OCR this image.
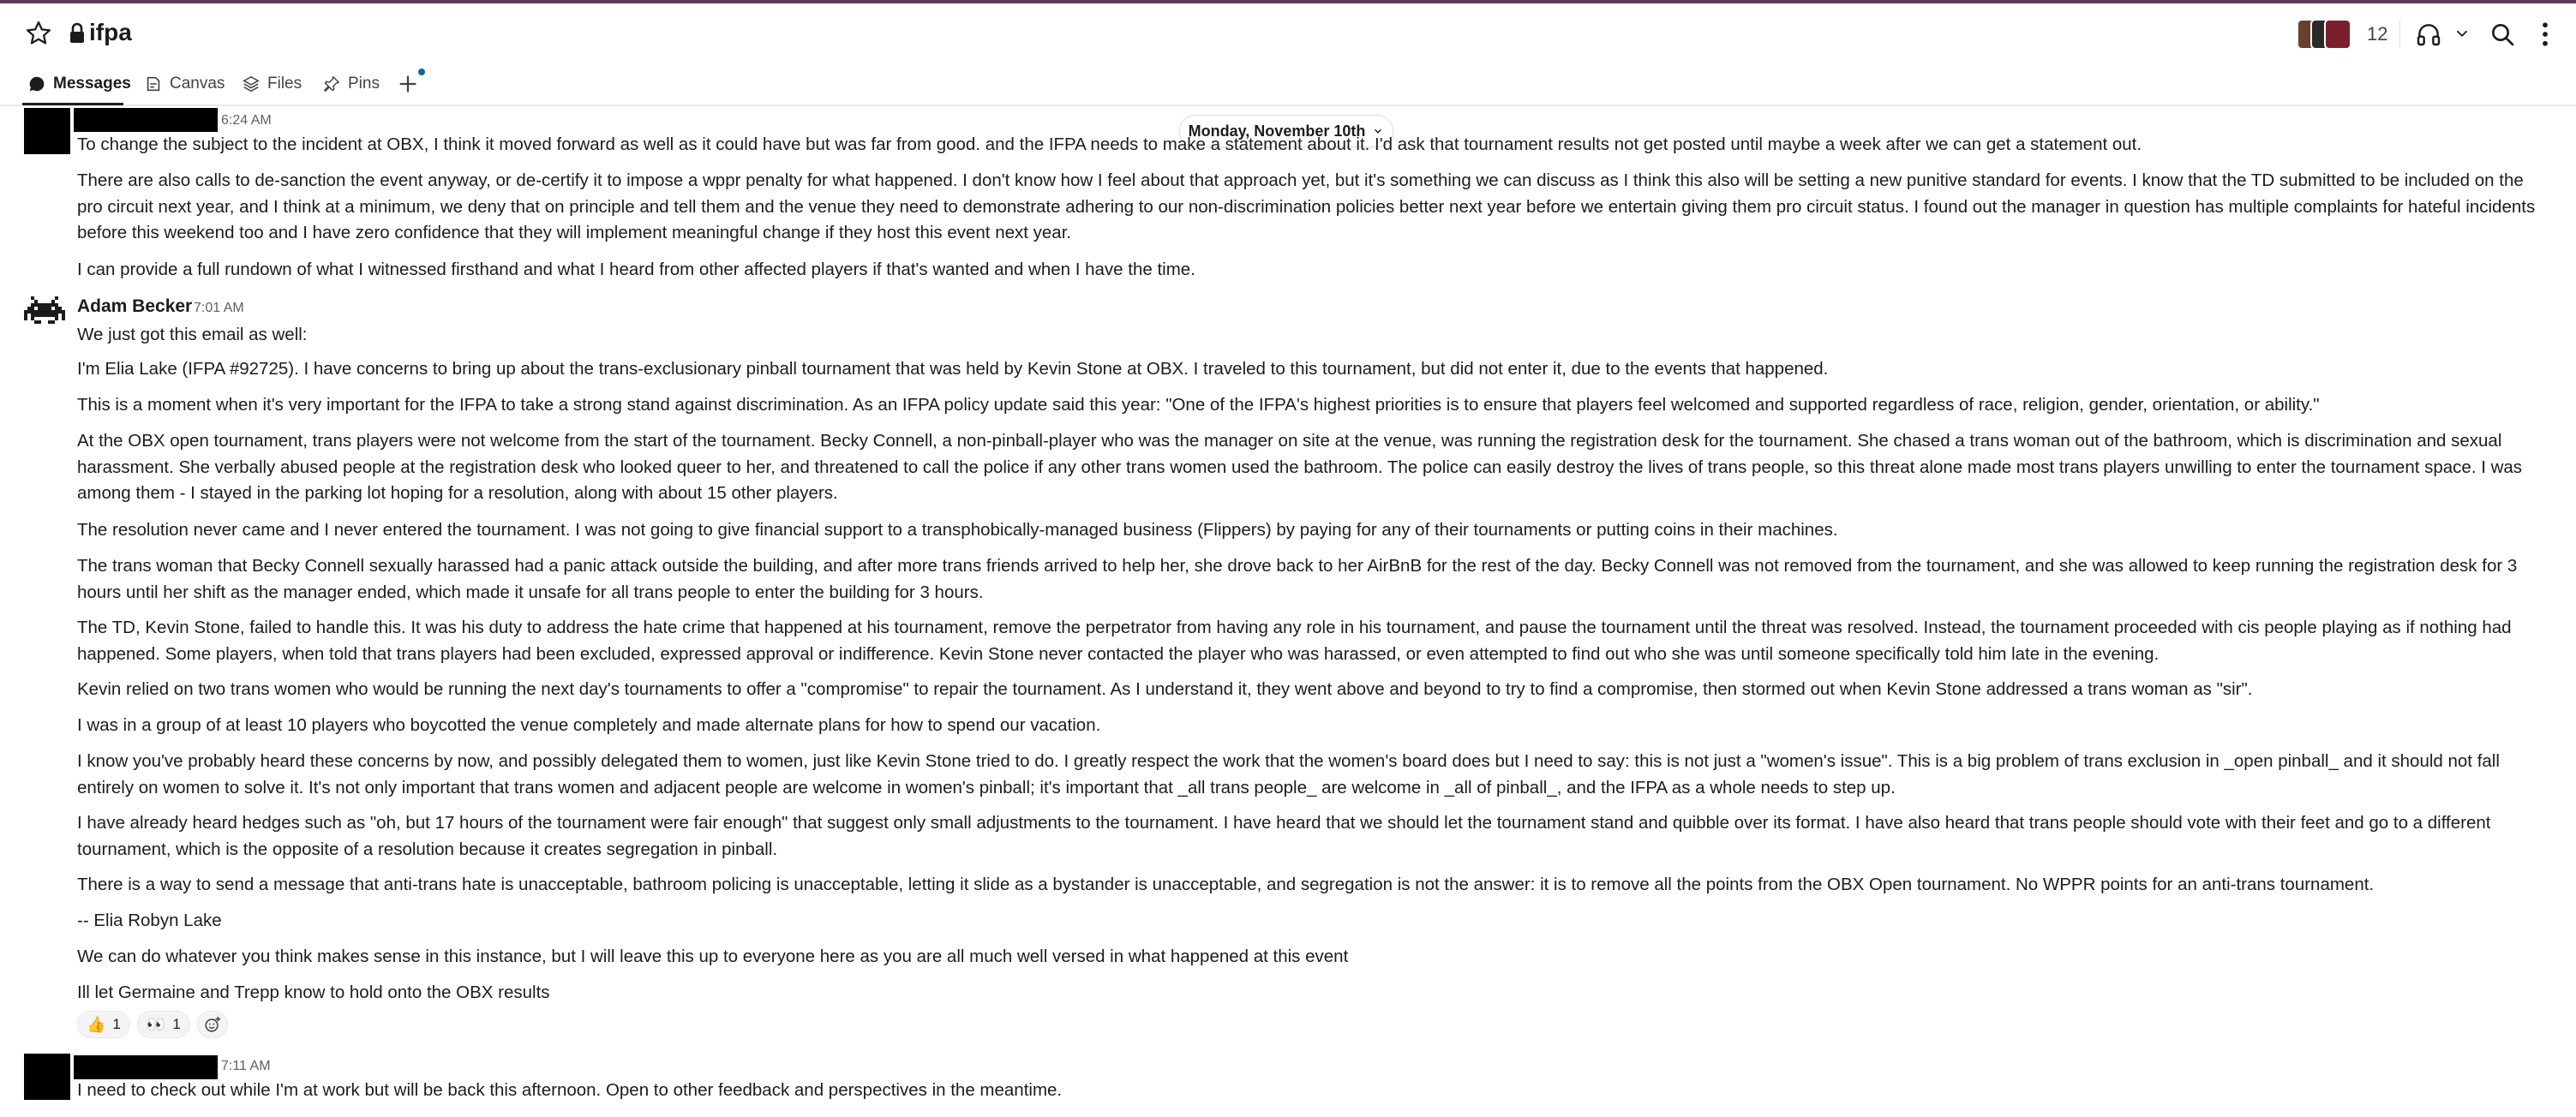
ifpa	12
Messages Canvas	Files	Pins
Monday, November 10th
6:24 AM
To change the subject to the incident at OBX, I think it moved forward as well as it could have but was far from good. and the IFPA needs to make a statement about it. I'd ask that tournament results not get posted until maybe a week after we can get a statement out.
There are also calls to de-sanction the event anyway, or de-certify it to impose a wppr penalty for what happened. I don't know how I feel about that approach yet, but it's something we can discuss as I think this also will be setting a new punitive standard for events. I know that the TD submitted to be included on the pro circuit next year, and I think at a minimum, we deny that on principle and tell them and the venue they need to demonstrate adhering to our non-discrimination policies better next year before we entertain giving them pro circuit status. I found out the manager in question has multiple complaints for hateful incidents before this weekend too and I have zero confidence that they will implement meaningful change if they host this event next year.
I can provide a full rundown of what I witnessed firsthand and what I heard from other affected players if that's wanted and when I have the time.
Adam Becker 7:01 AM
We just got this email as well:
I'm Elia Lake (IFPA #92725). I have concerns to bring up about the trans-exclusionary pinball tournament that was held by Kevin Stone at OBX. I traveled to this tournament, but did not enter it, due to the events that happened.
This is a moment when it's very important for the IFPA to take a strong stand against discrimination. As an IFPA policy update said this year: "One of the IFPA's highest priorities is to ensure that players feel welcomed and supported regardless of race, religion, gender, orientation, or ability."
At the OBX open tournament, trans players were not welcome from the start of the tournament. Becky Connell, a non-pinball-player who was the manager on site at the venue, was running the registration desk for the tournament. She chased a trans woman out of the bathroom, which is discrimination and sexual harassment. She verbally abused people at the registration desk who looked queer to her, and threatened to call the police if any other trans women used the bathroom. The police can easily destroy the lives of trans people, so this threat alone made most trans players unwilling to enter the tournament space. I was among them - I stayed in the parking lot hoping for a resolution, along with about 15 other players.
The resolution never came and I never entered the tournament. I was not going to give financial support to a transphobically-managed business (Flippers) by paying for any of their tournaments or putting coins in their machines.
The trans woman that Becky Connell sexually harassed had a panic attack outside the building, and after more trans friends arrived to help her, she drove back to her AirBnB for the rest of the day. Becky Connell was not removed from the tournament, and she was allowed to keep running the registration desk for 3 hours until her shift as the manager ended, which made it unsafe for all trans people to enter the building for 3 hours.
The TD, Kevin Stone, failed to handle this. It was his duty to address the hate crime that happened at his tournament, remove the perpetrator from having any role in his tournament, and pause the tournament until the threat was resolved. Instead, the tournament proceeded with cis people playing as if nothing had happened. Some players, when told that trans players had been excluded, expressed approval or indifference. Kevin Stone never contacted the player who was harassed, or even attempted to find out who she was until someone specifically told him late in the evening.
Kevin relied on two trans women who would be running the next day's tournaments to offer a "compromise" to repair the tournament. As I understand it, they went above and beyond to try to find a compromise, then stormed out when Kevin Stone addressed a trans woman as "sir".
I was in a group of at least 10 players who boycotted the venue completely and made alternate plans for how to spend our vacation.
I know you've probably heard these concerns by now, and possibly delegated them to women, just like Kevin Stone tried to do. I greatly respect the work that the women's board does but I need to say: this is not just a "women's issue". This is a big problem of trans exclusion in _open pinball_ and it should not fall entirely on women to solve it. It's not only important that trans women and adjacent people are welcome in women's pinball; it's important that _all trans people_ are welcome in _all of pinball_, and the IFPA as a whole needs to step up.
I have already heard hedges such as "oh, but 17 hours of the tournament were fair enough" that suggest only small adjustments to the tournament. I have heard that we should let the tournament stand and quibble over its format. I have also heard that trans people should vote with their feet and go to a different tournament, which is the opposite of a resolution because it creates segregation in pinball.
There is a way to send a message that anti-trans hate is unacceptable, bathroom policing is unacceptable, letting it slide as a bystander is unacceptable, and segregation is not the answer: it is to remove all the points from the OBX Open tournament. No WPPR points for an anti-trans tournament.
-- Elia Robyn Lake
We can do whatever you think makes sense in this instance, but I will leave this up to everyone here as you are all much well versed in what happened at this event
Ill let Germaine and Trepp know to hold onto the OBX results
👍 1 👀 1
7:11 AM
I need to check out while I'm at work but will be back this afternoon. Open to other feedback and perspectives in the meantime.
